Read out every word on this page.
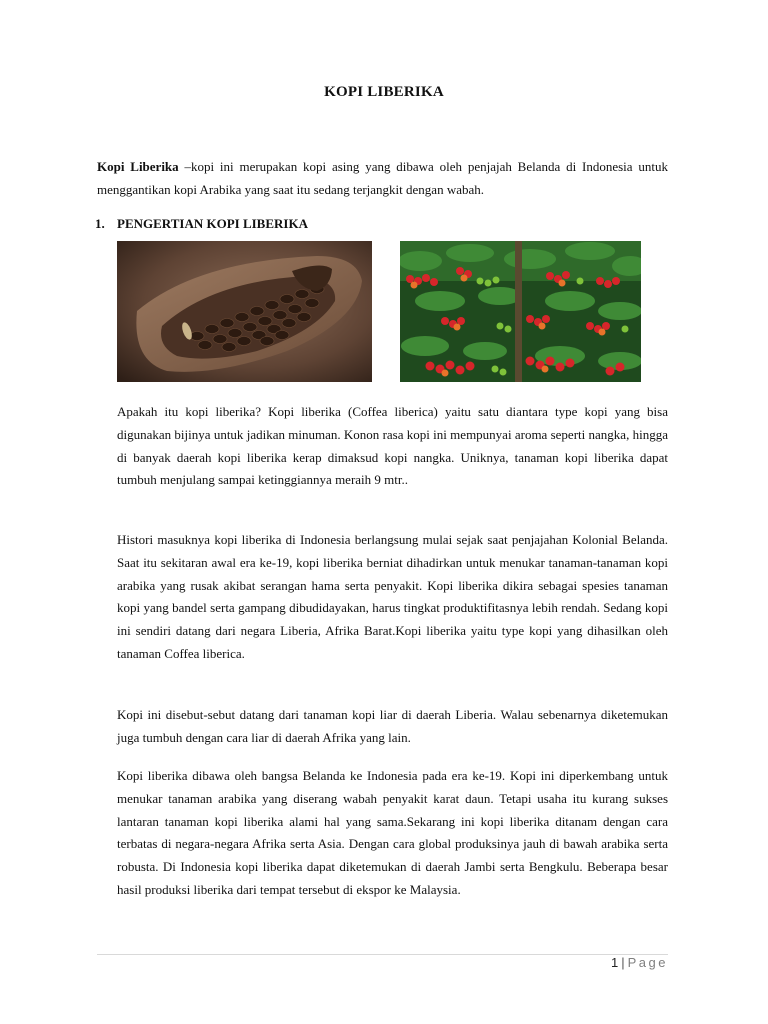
KOPI LIBERIKA
Kopi Liberika –kopi ini merupakan kopi asing yang dibawa oleh penjajah Belanda di Indonesia untuk menggantikan kopi Arabika yang saat itu sedang terjangkit dengan wabah.
1. PENGERTIAN KOPI LIBERIKA
Apakah itu kopi liberika? Kopi liberika (Coffea liberica) yaitu satu diantara type kopi yang bisa digunakan bijinya untuk jadikan minuman. Konon rasa kopi ini mempunyai aroma seperti nangka, hingga di banyak daerah kopi liberika kerap dimaksud kopi nangka. Uniknya, tanaman kopi liberika dapat tumbuh menjulang sampai ketinggiannya meraih 9 mtr..
Histori masuknya kopi liberika di Indonesia berlangsung mulai sejak saat penjajahan Kolonial Belanda. Saat itu sekitaran awal era ke-19, kopi liberika berniat dihadirkan untuk menukar tanaman-tanaman kopi arabika yang rusak akibat serangan hama serta penyakit. Kopi liberika dikira sebagai spesies tanaman kopi yang bandel serta gampang dibudidayakan, harus tingkat produktifitasnya lebih rendah. Sedang kopi ini sendiri datang dari negara Liberia, Afrika Barat.Kopi liberika yaitu type kopi yang dihasilkan oleh tanaman Coffea liberica.
Kopi ini disebut-sebut datang dari tanaman kopi liar di daerah Liberia. Walau sebenarnya diketemukan juga tumbuh dengan cara liar di daerah Afrika yang lain.
Kopi liberika dibawa oleh bangsa Belanda ke Indonesia pada era ke-19. Kopi ini diperkembang untuk menukar tanaman arabika yang diserang wabah penyakit karat daun. Tetapi usaha itu kurang sukses lantaran tanaman kopi liberika alami hal yang sama.Sekarang ini kopi liberika ditanam dengan cara terbatas di negara-negara Afrika serta Asia. Dengan cara global produksinya jauh di bawah arabika serta robusta. Di Indonesia kopi liberika dapat diketemukan di daerah Jambi serta Bengkulu. Beberapa besar hasil produksi liberika dari tempat tersebut di ekspor ke Malaysia.
1 | Page
